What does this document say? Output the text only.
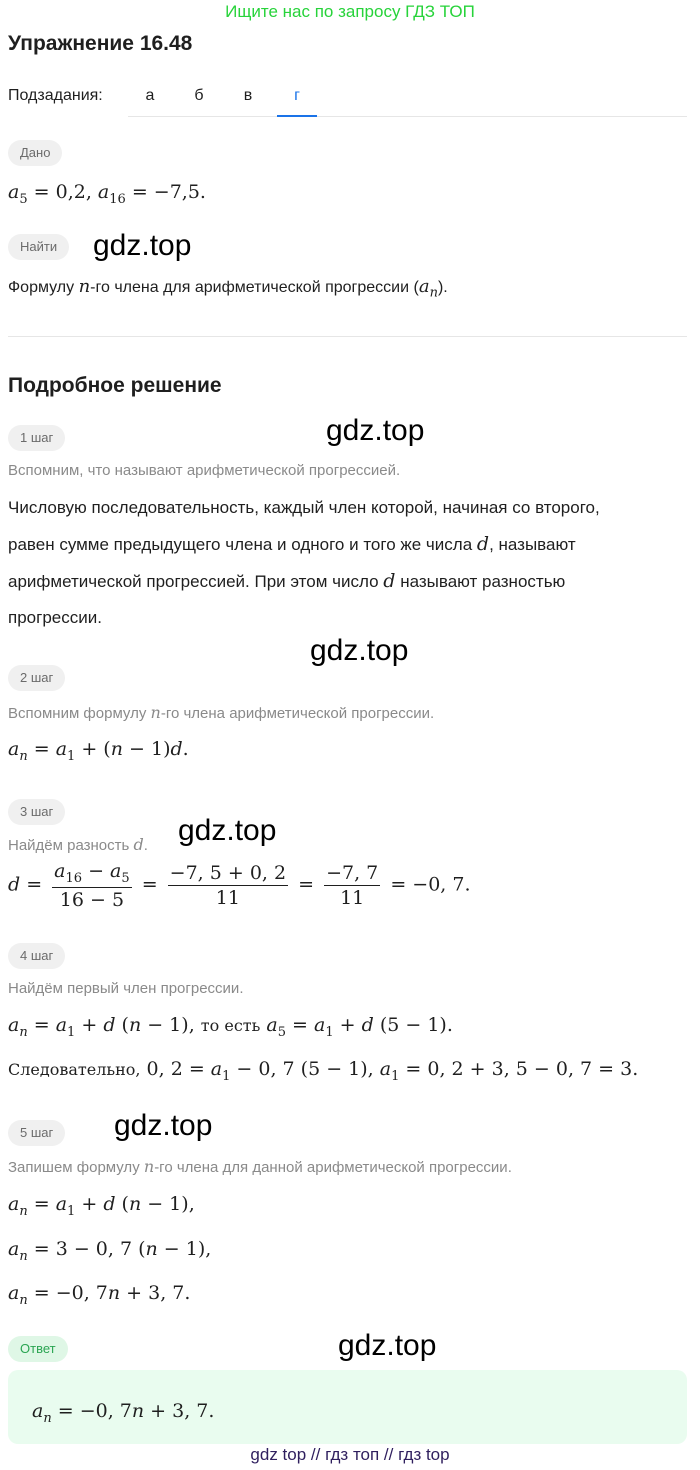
Ищите нас по запросу ГДЗ ТОП
Упражнение 16.48
Подзадания:	а	б	в	г
Дано
$a_5 = 0,2$, $a_{16} = -7,5$.
Найти	gdz.top
Формулу n-го члена для арифметической прогрессии $(a_n)$.
Подробное решение
1 шаг	gdz.top
Вспомним, что называют арифметической прогрессией.
Числовую последовательность, каждый член которой, начиная со второго,
равен сумме предыдущего члена и одного и того же числа d, называют
арифметической прогрессией. При этом число d называют разностью
прогрессии.
gdz.top
2 шаг
Вспомним формулу n-го члена арифметической прогрессии.
$a_n = a_1 + (n - 1)d$.
3 шаг
gdz.top
Найдём разность d.
$d = \frac{a_{16} - a_5}{16 - 5} = \frac{-7, 5 + 0, 2}{11} = \frac{-7, 7}{11} = -0$, 7.
4 шаг
Найдём первый член прогрессии.
$a_n = a_1 + d$ (n − 1), то есть $a_5 = a_1 + d$ (5 − 1).
Следовательно, 0, $2 = a_1 - 0$, 7 (5 − 1), $a_1 = 0$, 2 + 3, 5 − 0, 7 = 3.
5 шаг	gdz.top
Запишем формулу n-го члена для данной арифметической прогрессии.
$a_n = a_1 + d$ (n − 1),
$a_n = 3 - 0$, 7 (n − 1),
$a_n = -0$, 7n + 3, 7.
Ответ	gdz.top
$a_n = -0$, 7n + 3, 7.
gdz top // гдз топ // гдз top
